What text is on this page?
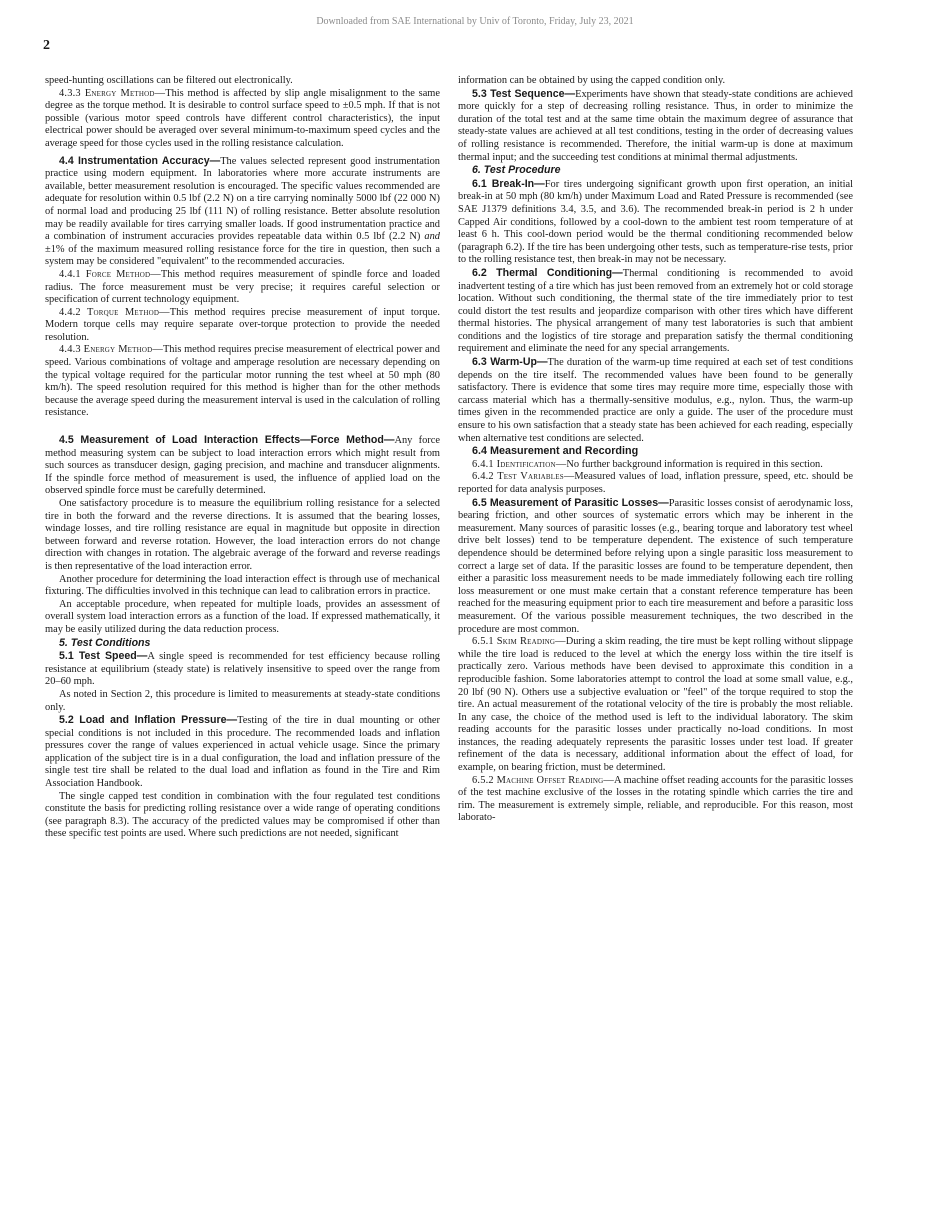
Downloaded from SAE International by Univ of Toronto, Friday, July 23, 2021
2

speed-hunting oscillations can be filtered out electronically.

4.3.3 Energy Method—This method is affected by slip angle misalignment to the same degree as the torque method. It is desirable to control surface speed to ±0.5 mph. If that is not possible (various motor speed controls have different control characteristics), the input electrical power should be averaged over several minimum-to-maximum speed cycles and the average speed for those cycles used in the rolling resistance calculation.

4.4 Instrumentation Accuracy—The values selected represent good instrumentation practice using modern equipment. In laboratories where more accurate instruments are available, better measurement resolution is encouraged. The specific values recommended are adequate for resolution within 0.5 lbf (2.2 N) on a tire carrying nominally 5000 lbf (22 000 N) of normal load and producing 25 lbf (111 N) of rolling resistance. Better absolute resolution may be readily available for tires carrying smaller loads. If good instrumentation practice and a combination of instrument accuracies provides repeatable data within 0.5 lbf (2.2 N) and ±1% of the maximum measured rolling resistance force for the tire in question, then such a system may be considered "equivalent" to the recommended accuracies.

4.4.1 Force Method—This method requires measurement of spindle force and loaded radius. The force measurement must be very precise; it requires careful selection or specification of current technology equipment.

4.4.2 Torque Method—This method requires precise measurement of input torque. Modern torque cells may require separate over-torque protection to provide the needed resolution.

4.4.3 Energy Method—This method requires precise measurement of electrical power and speed. Various combinations of voltage and amperage resolution are necessary depending on the typical voltage required for the particular motor running the test wheel at 50 mph (80 km/h). The speed resolution required for this method is higher than for the other methods because the average speed during the measurement interval is used in the calculation of rolling resistance.

4.5 Measurement of Load Interaction Effects—Force Method—Any force method measuring system can be subject to load interaction errors which might result from such sources as transducer design, gaging precision, and machine and transducer alignments. If the spindle force method of measurement is used, the influence of applied load on the observed spindle force must be carefully determined.

One satisfactory procedure is to measure the equilibrium rolling resistance for a selected tire in both the forward and the reverse directions. It is assumed that the bearing losses, windage losses, and tire rolling resistance are equal in magnitude but opposite in direction between forward and reverse rotation. However, the load interaction errors do not change direction with changes in rotation. The algebraic average of the forward and reverse readings is then representative of the load interaction error.

Another procedure for determining the load interaction effect is through use of mechanical fixturing. The difficulties involved in this technique can lead to calibration errors in practice.

An acceptable procedure, when repeated for multiple loads, provides an assessment of overall system load interaction errors as a function of the load. If expressed mathematically, it may be easily utilized during the data reduction process.

5. Test Conditions

5.1 Test Speed—A single speed is recommended for test efficiency because rolling resistance at equilibrium (steady state) is relatively insensitive to speed over the range from 20–60 mph.

As noted in Section 2, this procedure is limited to measurements at steady-state conditions only.

5.2 Load and Inflation Pressure—Testing of the tire in dual mounting or other special conditions is not included in this procedure. The recommended loads and inflation pressures cover the range of values experienced in actual vehicle usage. Since the primary application of the subject tire is in a dual configuration, the load and inflation pressure of the single test tire shall be related to the dual load and inflation as found in the Tire and Rim Association Handbook.

The single capped test condition in combination with the four regulated test conditions constitute the basis for predicting rolling resistance over a wide range of operating conditions (see paragraph 8.3). The accuracy of the predicted values may be compromised if other than these specific test points are used. Where such predictions are not needed, significant

information can be obtained by using the capped condition only.

5.3 Test Sequence—Experiments have shown that steady-state conditions are achieved more quickly for a step of decreasing rolling resistance. Thus, in order to minimize the duration of the total test and at the same time obtain the maximum degree of assurance that steady-state values are achieved at all test conditions, testing in the order of decreasing values of rolling resistance is recommended. Therefore, the initial warm-up is done at maximum thermal input; and the succeeding test conditions at minimal thermal adjustments.

6. Test Procedure

6.1 Break-In—For tires undergoing significant growth upon first operation, an initial break-in at 50 mph (80 km/h) under Maximum Load and Rated Pressure is recommended (see SAE J1379 definitions 3.4, 3.5, and 3.6). The recommended break-in period is 2 h under Capped Air conditions, followed by a cool-down to the ambient test room temperature of at least 6 h. This cool-down period would be the thermal conditioning recommended below (paragraph 6.2). If the tire has been undergoing other tests, such as temperature-rise tests, prior to the rolling resistance test, then break-in may not be necessary.

6.2 Thermal Conditioning—Thermal conditioning is recommended to avoid inadvertent testing of a tire which has just been removed from an extremely hot or cold storage location. Without such conditioning, the thermal state of the tire immediately prior to test could distort the test results and jeopardize comparison with other tires which have different thermal histories. The physical arrangement of many test laboratories is such that ambient conditions and the logistics of tire storage and preparation satisfy the thermal conditioning requirement and eliminate the need for any special arrangements.

6.3 Warm-Up—The duration of the warm-up time required at each set of test conditions depends on the tire itself. The recommended values have been found to be generally satisfactory. There is evidence that some tires may require more time, especially those with carcass material which has a thermally-sensitive modulus, e.g., nylon. Thus, the warm-up times given in the recommended practice are only a guide. The user of the procedure must ensure to his own satisfaction that a steady state has been achieved for each reading, especially when alternative test conditions are selected.

6.4 Measurement and Recording

6.4.1 Identification—No further background information is required in this section.

6.4.2 Test Variables—Measured values of load, inflation pressure, speed, etc. should be reported for data analysis purposes.

6.5 Measurement of Parasitic Losses—Parasitic losses consist of aerodynamic loss, bearing friction, and other sources of systematic errors which may be inherent in the measurement. Many sources of parasitic losses (e.g., bearing torque and laboratory test wheel drive belt losses) tend to be temperature dependent. The existence of such temperature dependence should be determined before relying upon a single parasitic loss measurement to correct a large set of data. If the parasitic losses are found to be temperature dependent, then either a parasitic loss measurement needs to be made immediately following each tire rolling loss measurement or one must make certain that a constant reference temperature has been reached for the measuring equipment prior to each tire measurement and before a parasitic loss measurement. Of the various possible measurement techniques, the two described in the procedure are most common.

6.5.1 Skim Reading—During a skim reading, the tire must be kept rolling without slippage while the tire load is reduced to the level at which the energy loss within the tire itself is practically zero. Various methods have been devised to approximate this condition in a reproducible fashion. Some laboratories attempt to control the load at some small value, e.g., 20 lbf (90 N). Others use a subjective evaluation or "feel" of the torque required to stop the tire. An actual measurement of the rotational velocity of the tire is probably the most reliable. In any case, the choice of the method used is left to the individual laboratory. The skim reading accounts for the parasitic losses under practically no-load conditions. In most instances, the reading adequately represents the parasitic losses under test load. If greater refinement of the data is necessary, additional information about the effect of load, for example, on bearing friction, must be determined.

6.5.2 Machine Offset Reading—A machine offset reading accounts for the parasitic losses of the test machine exclusive of the losses in the rotating spindle which carries the tire and rim. The measurement is extremely simple, reliable, and reproducible. For this reason, most laborato-
